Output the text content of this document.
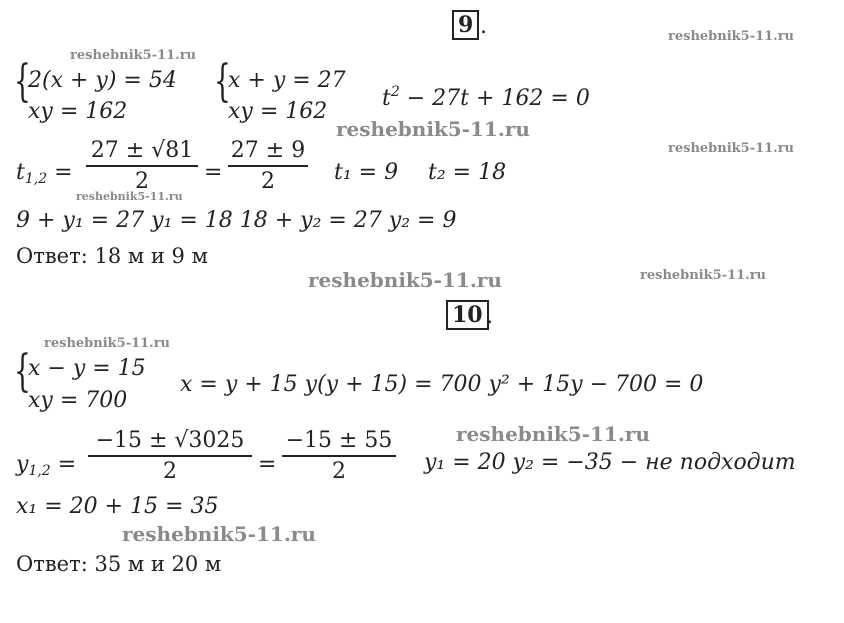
9 .
reshebnik5-11.ru
reshebnik5-11.ru
{
2(x + y) = 54
xy = 162
{
x + y = 27
xy = 162
$t^2 - 27t + 162 = 0$
reshebnik5-11.ru
reshebnik5-11.ru
$t_{1,2}$ =
27 ± √81
2	=
27 ± 9
2	t₁ = 9 t₂ = 18
reshebnik5-11.ru
9 + y₁ = 27 y₁ = 18 18 + y₂ = 27 y₂ = 9
Ответ: 18 м и 9 м
reshebnik5-11.ru	reshebnik5-11.ru
10 .
reshebnik5-11.ru
{
x − y = 15
xy = 700
x = y + 15 y(y + 15) = 700 y² + 15y − 700 = 0
reshebnik5-11.ru
$y_{1,2}$ =
−15 ± √3025
2	=
−15 ± 55
2	y₁ = 20 y₂ = −35 − не подходит
x₁ = 20 + 15 = 35
reshebnik5-11.ru
Ответ: 35 м и 20 м
